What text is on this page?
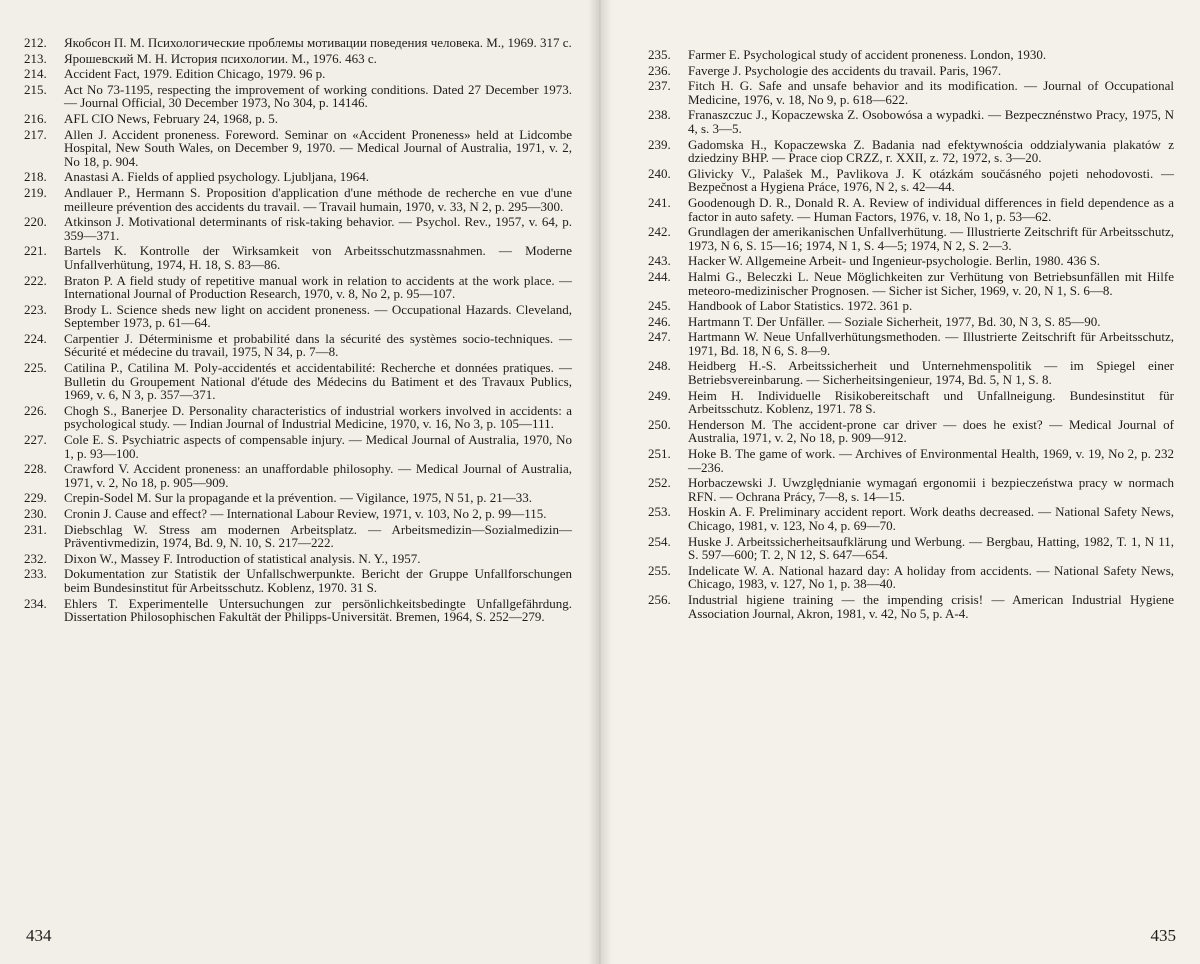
212.	Якобсон П. М. Психологические проблемы мотивации поведения человека. М., 1969. 317 с.
213.	Ярошевский М. Н. История психологии. М., 1976. 463 с.
214.	Accident Fact, 1979. Edition Chicago, 1979. 96 p.
215.	Act No 73-1195, respecting the improvement of working conditions. Dated 27 December 1973. — Journal Official, 30 December 1973, No 304, p. 14146.
216.	AFL CIO News, February 24, 1968, p. 5.
217.	Allen J. Accident proneness. Foreword. Seminar on «Accident Proneness» held at Lidcombe Hospital, New South Wales, on December 9, 1970. — Medical Journal of Australia, 1971, v. 2, No 18, p. 904.
218.	Anastasi A. Fields of applied psychology. Ljubljana, 1964.
219.	Andlauer P., Hermann S. Proposition d'application d'une méthode de recherche en vue d'une meilleure prévention des accidents du travail. — Travail humain, 1970, v. 33, N 2, p. 295—300.
220.	Atkinson J. Motivational determinants of risk-taking behavior. — Psychol. Rev., 1957, v. 64, p. 359—371.
221.	Bartels K. Kontrolle der Wirksamkeit von Arbeitsschutzmassnahmen. — Moderne Unfallverhütung, 1974, H. 18, S. 83—86.
222.	Braton P. A field study of repetitive manual work in relation to accidents at the work place. — International Journal of Production Research, 1970, v. 8, No 2, p. 95—107.
223.	Brody L. Science sheds new light on accident proneness. — Occupational Hazards. Cleveland, September 1973, p. 61—64.
224.	Carpentier J. Déterminisme et probabilité dans la sécurité des systèmes socio-techniques. — Sécurité et médecine du travail, 1975, N 34, p. 7—8.
225.	Catilina P., Catilina M. Poly-accidentés et accidentabilité: Recherche et données pratiques. — Bulletin du Groupement National d'étude des Médecins du Batiment et des Travaux Publics, 1969, v. 6, N 3, p. 357—371.
226.	Chogh S., Banerjee D. Personality characteristics of industrial workers involved in accidents: a psychological study. — Indian Journal of Industrial Medicine, 1970, v. 16, No 3, p. 105—111.
227.	Cole E. S. Psychiatric aspects of compensable injury. — Medical Journal of Australia, 1970, No 1, p. 93—100.
228.	Crawford V. Accident proneness: an unaffordable philosophy. — Medical Journal of Australia, 1971, v. 2, No 18, p. 905—909.
229.	Crepin-Sodel M. Sur la propagande et la prévention. — Vigilance, 1975, N 51, p. 21—33.
230.	Cronin J. Cause and effect? — International Labour Review, 1971, v. 103, No 2, p. 99—115.
231.	Diebschlag W. Stress am modernen Arbeitsplatz. — Arbeitsmedizin—Sozialmedizin—Präventivmedizin, 1974, Bd. 9, N. 10, S. 217—222.
232.	Dixon W., Massey F. Introduction of statistical analysis. N. Y., 1957.
233.	Dokumentation zur Statistik der Unfallschwerpunkte. Bericht der Gruppe Unfallforschungen beim Bundesinstitut für Arbeitsschutz. Koblenz, 1970. 31 S.
234.	Ehlers T. Experimentelle Untersuchungen zur persönlichkeitsbedingte Unfallgefährdung. Dissertation Philosophischen Fakultät der Philipps-Universität. Bremen, 1964, S. 252—279.
434
235.	Farmer E. Psychological study of accident proneness. London, 1930.
236.	Faverge J. Psychologie des accidents du travail. Paris, 1967.
237.	Fitch H. G. Safe and unsafe behavior and its modification. — Journal of Occupational Medicine, 1976, v. 18, No 9, p. 618—622.
238.	Franaszczuc J., Kopaczewska Z. Osobowósa a wypadki. — Bezpecznénstwo Pracy, 1975, N 4, s. 3—5.
239.	Gadomska H., Kopaczewska Z. Badania nad efektywnościa oddzialywania plakatów z dziedziny BHP. — Prace ciop CRZZ, r. XXII, z. 72, 1972, s. 3—20.
240.	Glivicky V., Palašek M., Pavlikova J. K otázkám součásného pojeti nehodovosti. — Bezpečnost a Hygiena Práce, 1976, N 2, s. 42—44.
241.	Goodenough D. R., Donald R. A. Review of individual differences in field dependence as a factor in auto safety. — Human Factors, 1976, v. 18, No 1, p. 53—62.
242.	Grundlagen der amerikanischen Unfallverhütung. — Illustrierte Zeitschrift für Arbeitsschutz, 1973, N 6, S. 15—16; 1974, N 1, S. 4—5; 1974, N 2, S. 2—3.
243.	Hacker W. Allgemeine Arbeit- und Ingenieur-psychologie. Berlin, 1980. 436 S.
244.	Halmi G., Beleczki L. Neue Möglichkeiten zur Verhütung von Betriebsunfällen mit Hilfe meteoro-medizinischer Prognosen. — Sicher ist Sicher, 1969, v. 20, N 1, S. 6—8.
245.	Handbook of Labor Statistics. 1972. 361 p.
246.	Hartmann T. Der Unfäller. — Soziale Sicherheit, 1977, Bd. 30, N 3, S. 85—90.
247.	Hartmann W. Neue Unfallverhütungsmethoden. — Illustrierte Zeitschrift für Arbeitsschutz, 1971, Bd. 18, N 6, S. 8—9.
248.	Heidberg H.-S. Arbeitssicherheit und Unternehmenspolitik — im Spiegel einer Betriebsvereinbarung. — Sicherheitsingenieur, 1974, Bd. 5, N 1, S. 8.
249.	Heim H. Individuelle Risikobereitschaft und Unfallneigung. Bundesinstitut für Arbeitsschutz. Koblenz, 1971. 78 S.
250.	Henderson M. The accident-prone car driver — does he exist? — Medical Journal of Australia, 1971, v. 2, No 18, p. 909—912.
251.	Hoke B. The game of work. — Archives of Environmental Health, 1969, v. 19, No 2, p. 232—236.
252.	Horbaczewski J. Uwzględnianie wymagań ergonomii i bezpieczeństwa pracy w normach RFN. — Ochrana Prácy, 7—8, s. 14—15.
253.	Hoskin A. F. Preliminary accident report. Work deaths decreased. — National Safety News, Chicago, 1981, v. 123, No 4, p. 69—70.
254.	Huske J. Arbeitssicherheitsaufklärung und Werbung. — Bergbau, Hatting, 1982, T. 1, N 11, S. 597—600; T. 2, N 12, S. 647—654.
255.	Indelicate W. A. National hazard day: A holiday from accidents. — National Safety News, Chicago, 1983, v. 127, No 1, p. 38—40.
256.	Industrial higiene training — the impending crisis! — American Industrial Hygiene Association Journal, Akron, 1981, v. 42, No 5, p. A-4.
435
